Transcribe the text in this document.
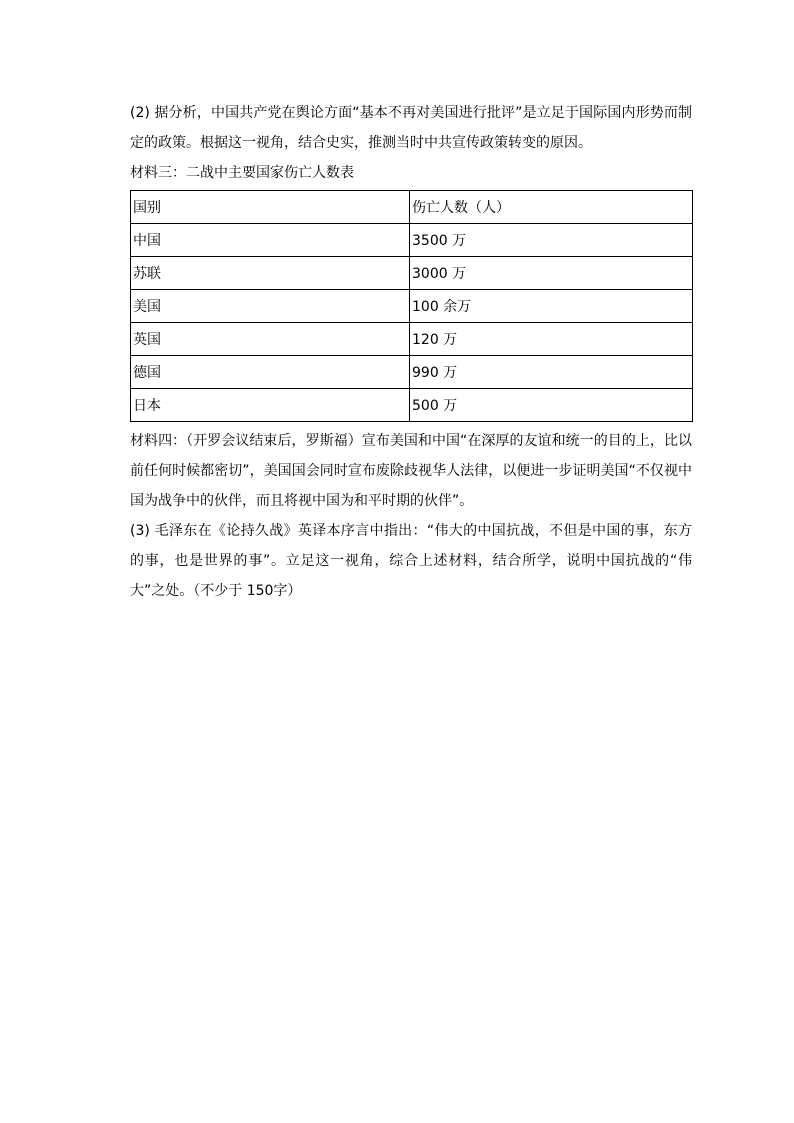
(2) 据分析，中国共产党在舆论方面“基本不再对美国进行批评”是立足于国际国内形势而制定的政策。根据这一视角，结合史实，推测当时中共宣传政策转变的原因。

材料三：二战中主要国家伤亡人数表

国别	伤亡人数（人）
中国	3500 万
苏联	3000 万
美国	100 余万
英国	120 万
德国	990 万
日本	500 万

材料四：（开罗会议结束后，罗斯福）宣布美国和中国“在深厚的友谊和统一的目的上，比以前任何时候都密切”，美国国会同时宣布废除歧视华人法律，以便进一步证明美国“不仅视中国为战争中的伙伴，而且将视中国为和平时期的伙伴”。

(3) 毛泽东在《论持久战》英译本序言中指出：“伟大的中国抗战，不但是中国的事，东方的事，也是世界的事”。立足这一视角，综合上述材料，结合所学，说明中国抗战的“伟大”之处。（不少于 150字）
